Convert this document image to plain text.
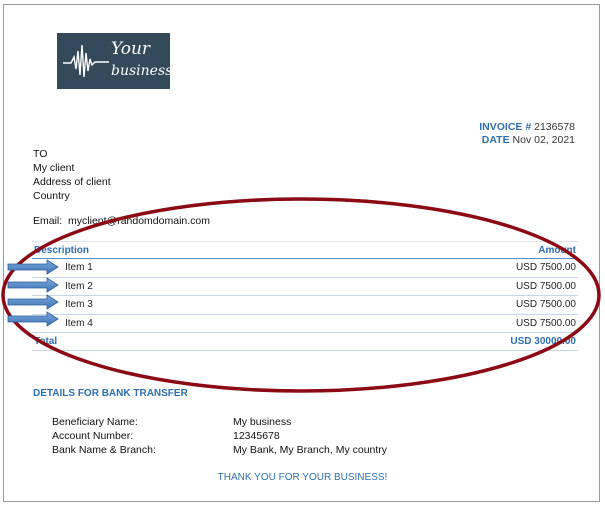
Your
business
INVOICE # 2136578
DATE Nov 02, 2021
TO
My client
Address of client
Country
Email: myclient@randomdomain.com
Description	Amount
Item 1	USD 7500.00
Item 2	USD 7500.00
Item 3	USD 7500.00
Item 4	USD 7500.00
Total	USD 30000.00
DETAILS FOR BANK TRANSFER
Beneficiary Name:	My business
Account Number:	12345678
Bank Name & Branch:	My Bank, My Branch, My country
THANK YOU FOR YOUR BUSINESS!
